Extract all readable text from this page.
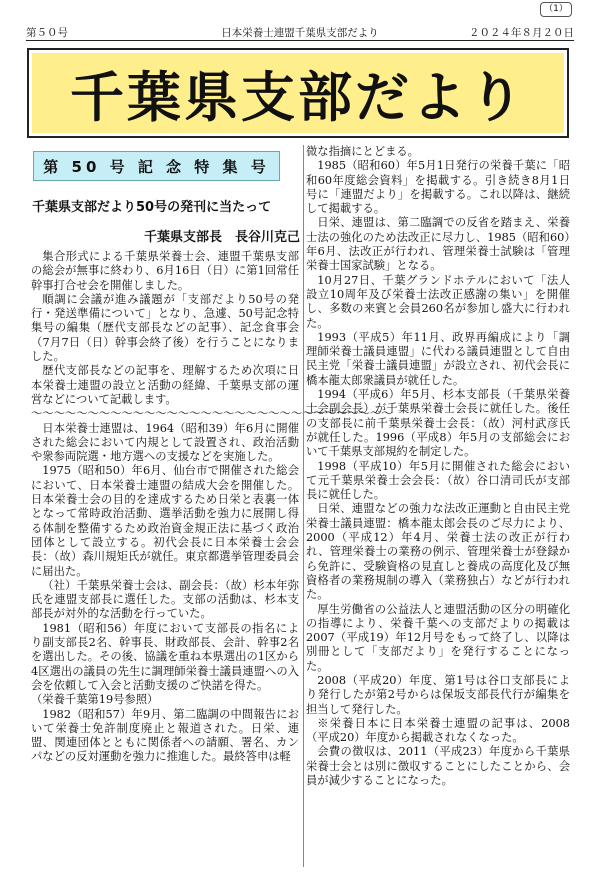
（1）
第５０号	日本栄養士連盟千葉県支部だより	２０２４年８月２０日
千葉県支部だより
第 50 号 記 念 特 集 号
千葉県支部だより50号の発刊に当たって
千葉県支部長　長谷川克己

集合形式による千葉県栄養士会、連盟千葉県支部の総会が無事に終わり、6月16日（日）に第1回常任幹事打合せ会を開催しました。

順調に会議が進み議題が「支部だより50号の発行・発送準備について」となり、急遽、50号記念特集号の編集（歴代支部長などの記事）、記念食事会（7月7日（日）幹事会終了後）を行うことになりました。

歴代支部長などの記事を、理解するため次項に日本栄養士連盟の設立と活動の経緯、千葉県支部の運営などについて記載します。

～～～～～～～～～～～～～～～～～～～～～～～～～～～～～～～～

日本栄養士連盟は、1964（昭和39）年6月に開催された総会において内規として設置され、政治活動や衆参両院選・地方選への支援などを実施した。

1975（昭和50）年6月、仙台市で開催された総会において、日本栄養士連盟の結成大会を開催した。日本栄養士会の目的を達成するため日栄と表裏一体となって常時政治活動、選挙活動を強力に展開し得る体制を整備するため政治資金規正法に基づく政治団体として設立する。初代会長に日本栄養士会会長：（故）森川規矩氏が就任。東京都選挙管理委員会に届出た。

（社）千葉県栄養士会は、副会長：（故）杉本年弥氏を連盟支部長に選任した。支部の活動は、杉本支部長が対外的な活動を行っていた。

1981（昭和56）年度において支部長の指名により副支部長2名、幹事長、財政部長、会計、幹事2名を選出した。その後、協議を重ね本県選出の1区から4区選出の議員の先生に調理師栄養士議員連盟への入会を依頼して入会と活動支援のご快諾を得た。

（栄養千葉第19号参照）

1982（昭和57）年9月、第二臨調の中間報告において栄養士免許制度廃止と報道された。日栄、連盟、関連団体とともに関係者への請願、署名、カンパなどの反対運動を強力に推進した。最終答申は軽

微な指摘にとどまる。

1985（昭和60）年5月1日発行の栄養千葉に「昭和60年度総会資料」を掲載する。引き続き8月1日号に「連盟だより」を掲載する。これ以降は、継続して掲載する。

日栄、連盟は、第二臨調での反省を踏まえ、栄養士法の強化のため法改正に尽力し、1985（昭和60）年6月、法改正が行われ、管理栄養士試験は「管理栄養士国家試験」となる。

10月27日、千葉グランドホテルにおいて「法人設立10周年及び栄養士法改正感謝の集い」を開催し、多数の来賓と会員260名が参加し盛大に行われた。

1993（平成5）年11月、政界再編成により「調理師栄養士議員連盟」に代わる議員連盟として自由民主党「栄養士議員連盟」が設立され、初代会長に橋本龍太郎衆議員が就任した。

1994（平成6）年5月、杉本支部長（千葉県栄養士会副会長）が千葉県栄養士会長に就任した。後任の支部長に前千葉県栄養士会長：（故）河村武彦氏が就任した。1996（平成8）年5月の支部総会において千葉県支部規約を制定した。

1998（平成10）年5月に開催された総会において元千葉県栄養士会会長：（故）谷口清司氏が支部長に就任した。

日栄、連盟などの強力な法改正運動と自由民主党栄養士議員連盟：橋本龍太郎会長のご尽力により、2000（平成12）年4月、栄養士法の改正が行われ、管理栄養士の業務の例示、管理栄養士が登録から免許に、受験資格の見直しと養成の高度化及び無資格者の業務規制の導入（業務独占）などが行われた。

厚生労働省の公益法人と連盟活動の区分の明確化の指導により、栄養千葉への支部だよりの掲載は2007（平成19）年12月号をもって終了し、以降は別冊として「支部だより」を発行することになった。

2008（平成20）年度、第1号は谷口支部長により発行したが第2号からは保坂支部長代行が編集を担当して発行した。

※栄養日本に日本栄養士連盟の記事は、2008（平成20）年度から掲載されなくなった。

会費の徴収は、2011（平成23）年度から千葉県栄養士会とは別に徴収することにしたことから、会員が減少することになった。
